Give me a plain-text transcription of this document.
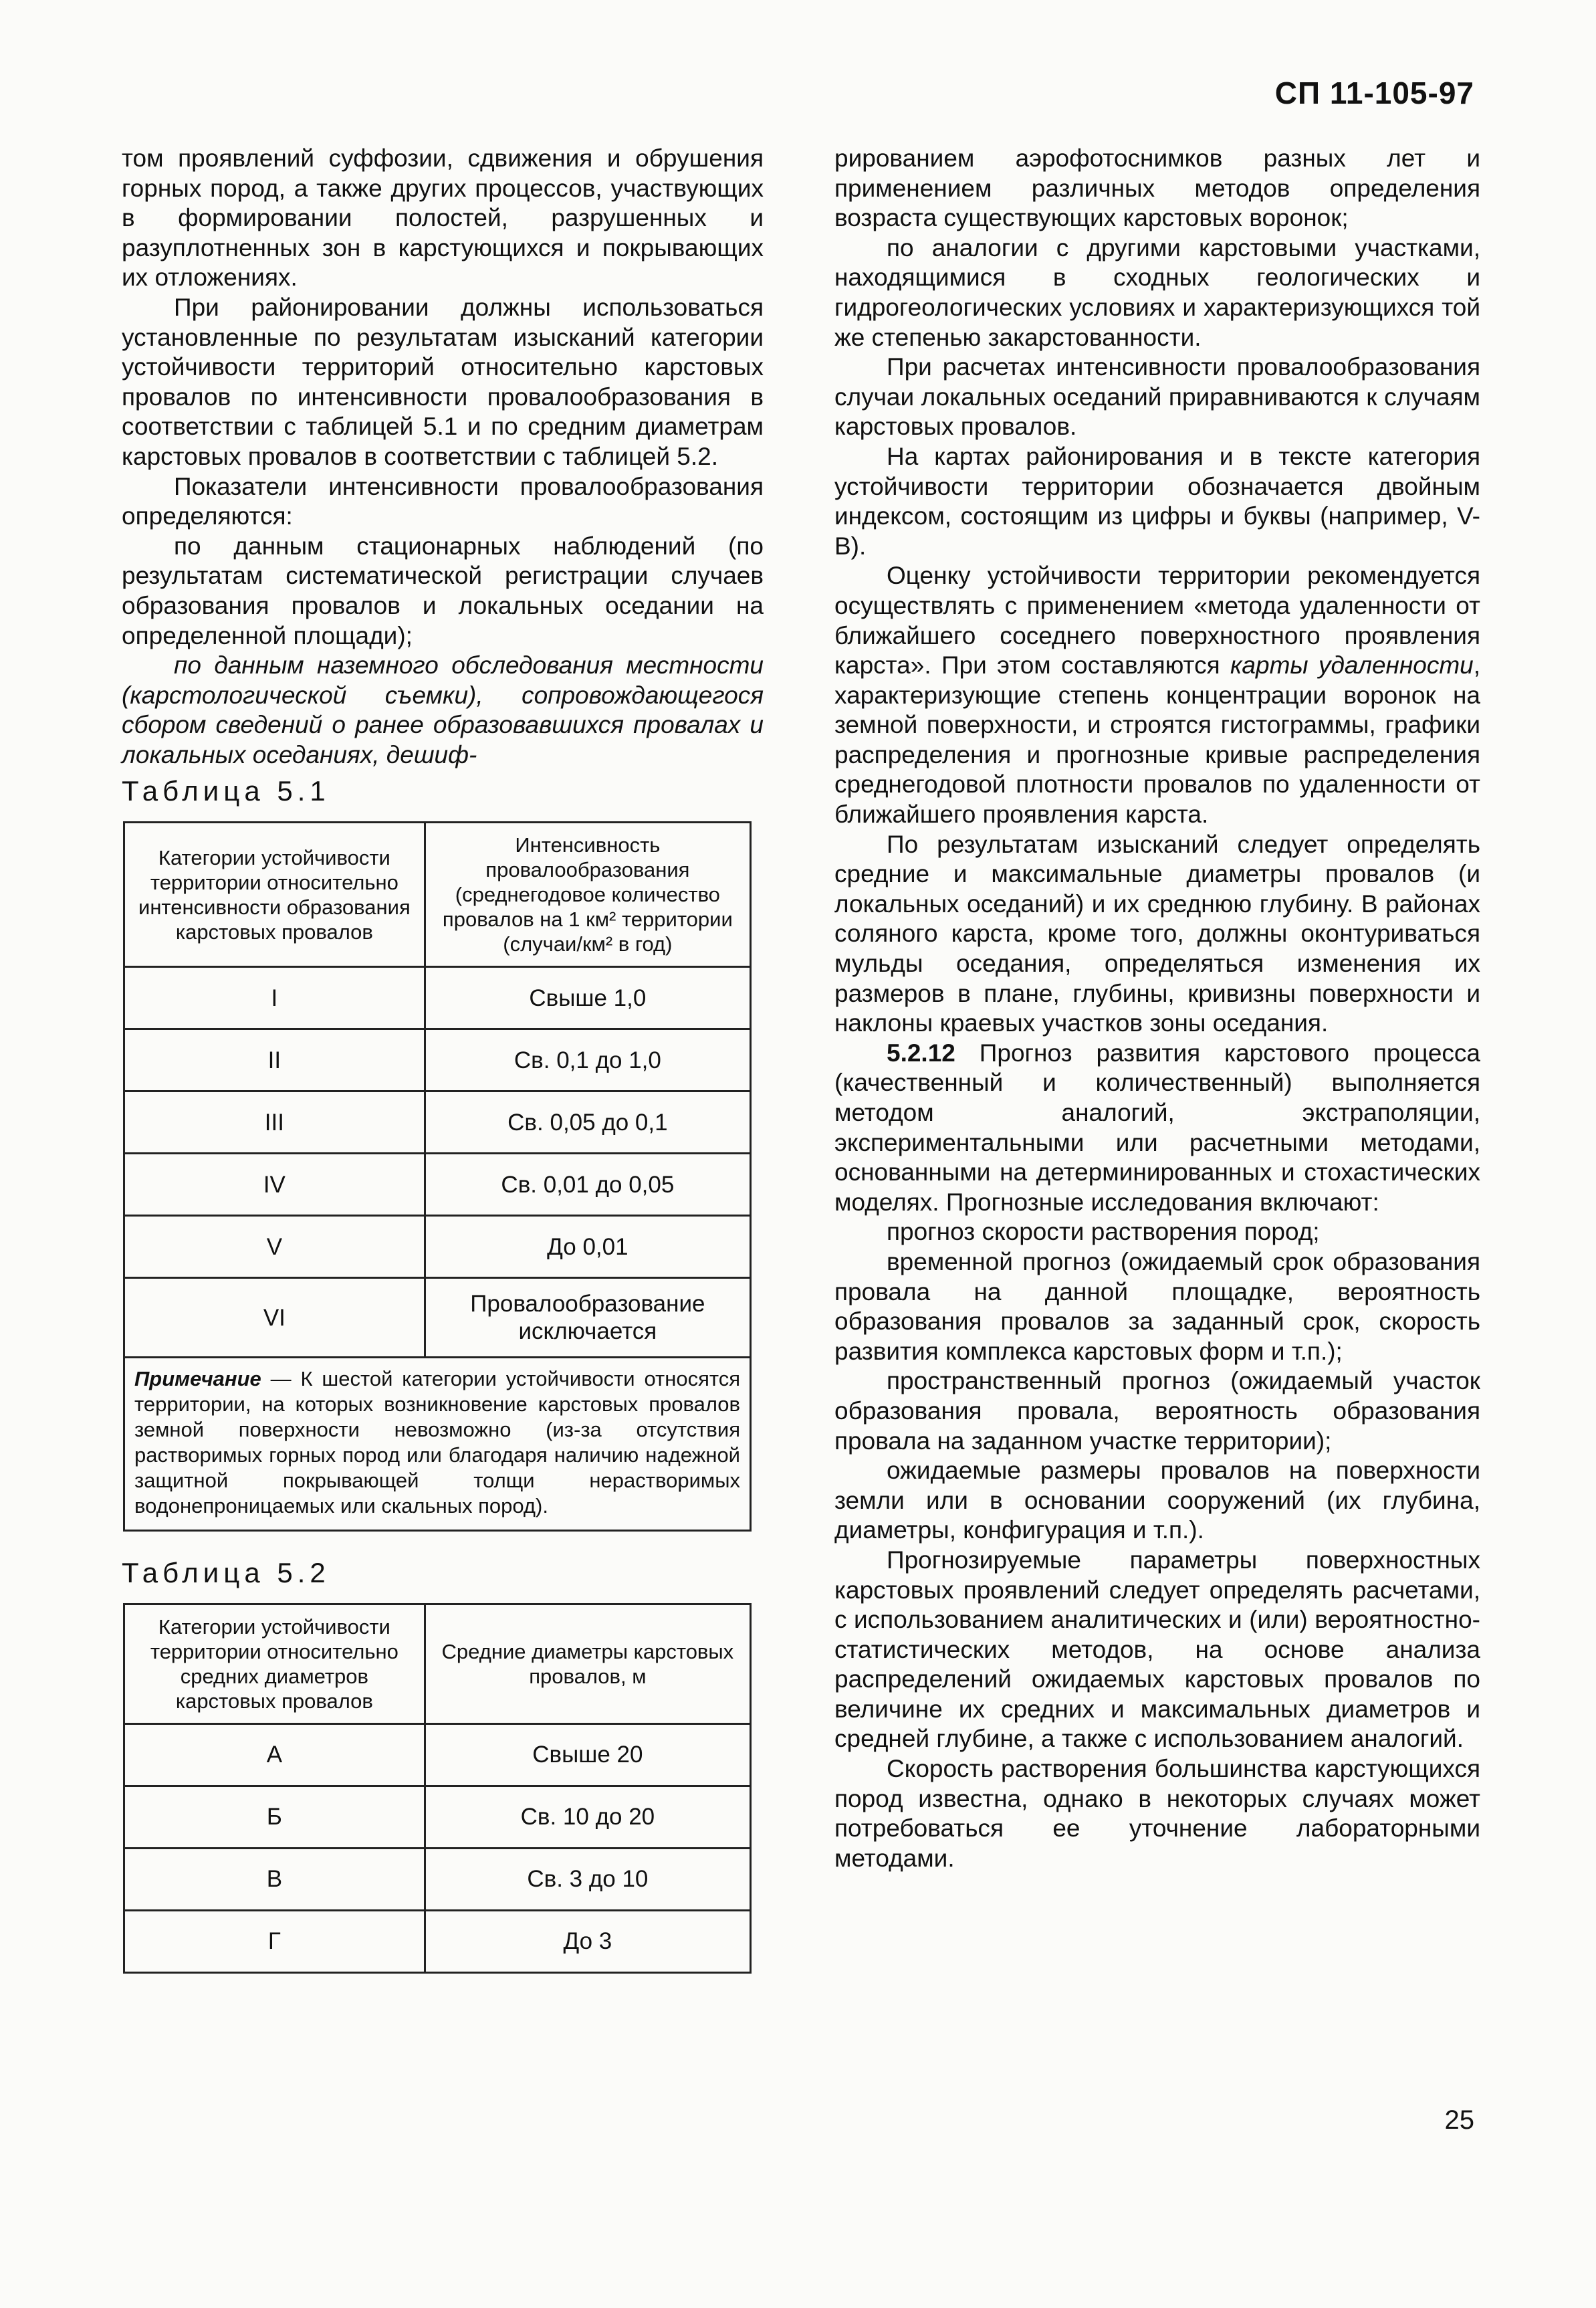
СП 11-105-97

том проявлений суффозии, сдвижения и обрушения горных пород, а также других процессов, участвующих в формировании полостей, разрушенных и разуплотненных зон в карстующихся и покрывающих их отложениях.

При районировании должны использоваться установленные по результатам изысканий категории устойчивости территорий относительно карстовых провалов по интенсивности провалообразования в соответствии с таблицей 5.1 и по средним диаметрам карстовых провалов в соответствии с таблицей 5.2.

Показатели интенсивности провалообразования определяются:

по данным стационарных наблюдений (по результатам систематической регистрации случаев образования провалов и локальных оседании на определенной площади);

по данным наземного обследования местности (карстологической съемки), сопровождающегося сбором сведений о ранее образовавшихся провалах и локальных оседаниях, дешиф-

Таблица 5.1
Категории устойчивости территории относительно интенсивности образования карстовых провалов	Интенсивность провалообразования (среднегодовое количество провалов на 1 км² территории (случаи/км² в год)
I	Свыше 1,0
II	Св. 0,1 до 1,0
III	Св. 0,05 до 0,1
IV	Св. 0,01 до 0,05
V	До 0,01
VI	Провалообразование исключается
Примечание — К шестой категории устойчивости относятся территории, на которых возникновение карстовых провалов земной поверхности невозможно (из-за отсутствия растворимых горных пород или благодаря наличию надежной защитной покрывающей толщи нерастворимых водонепроницаемых или скальных пород).	
Таблица 5.2
Категории устойчивости территории относительно средних диаметров карстовых провалов	Средние диаметры карстовых провалов, м
А	Свыше 20
Б	Св. 10 до 20
В	Св. 3 до 10
Г	До 3

рированием аэрофотоснимков разных лет и применением различных методов определения возраста существующих карстовых воронок;

по аналогии с другими карстовыми участками, находящимися в сходных геологических и гидрогеологических условиях и характеризующихся той же степенью закарстованности.

При расчетах интенсивности провалообразования случаи локальных оседаний приравниваются к случаям карстовых провалов.

На картах районирования и в тексте категория устойчивости территории обозначается двойным индексом, состоящим из цифры и буквы (например, V-В).

Оценку устойчивости территории рекомендуется осуществлять с применением «метода удаленности от ближайшего соседнего поверхностного проявления карста». При этом составляются карты удаленности, характеризующие степень концентрации воронок на земной поверхности, и строятся гистограммы, графики распределения и прогнозные кривые распределения среднегодовой плотности провалов по удаленности от ближайшего проявления карста.

По результатам изысканий следует определять средние и максимальные диаметры провалов (и локальных оседаний) и их среднюю глубину. В районах соляного карста, кроме того, должны оконтуриваться мульды оседания, определяться изменения их размеров в плане, глубины, кривизны поверхности и наклоны краевых участков зоны оседания.

5.2.12 Прогноз развития карстового процесса (качественный и количественный) выполняется методом аналогий, экстраполяции, экспериментальными или расчетными методами, основанными на детерминированных и стохастических моделях. Прогнозные исследования включают:

прогноз скорости растворения пород;

временной прогноз (ожидаемый срок образования провала на данной площадке, вероятность образования провалов за заданный срок, скорость развития комплекса карстовых форм и т.п.);

пространственный прогноз (ожидаемый участок образования провала, вероятность образования провала на заданном участке территории);

ожидаемые размеры провалов на поверхности земли или в основании сооружений (их глубина, диаметры, конфигурация и т.п.).

Прогнозируемые параметры поверхностных карстовых проявлений следует определять расчетами, с использованием аналитических и (или) вероятностно-статистических методов, на основе анализа распределений ожидаемых карстовых провалов по величине их средних и максимальных диаметров и средней глубине, а также с использованием аналогий.

Скорость растворения большинства карстующихся пород известна, однако в некоторых случаях может потребоваться ее уточнение лабораторными методами.

25
